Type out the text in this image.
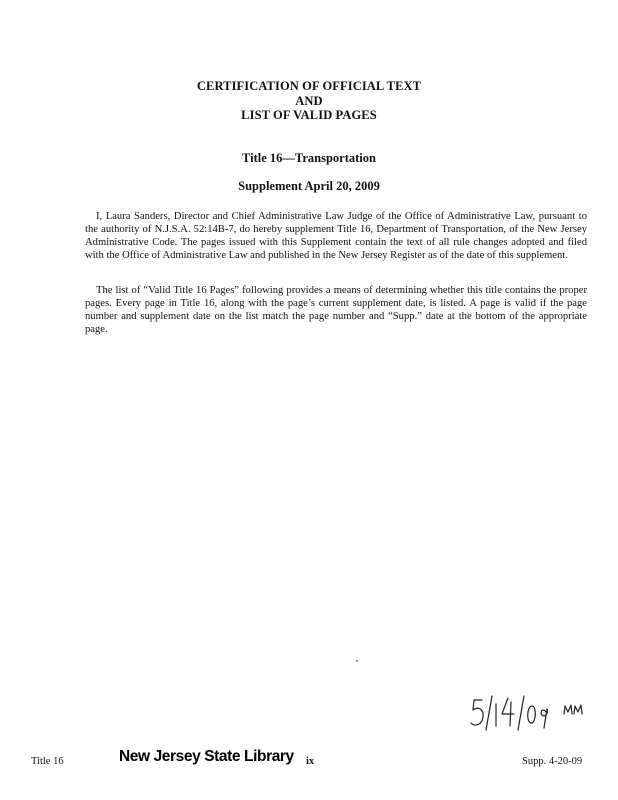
CERTIFICATION OF OFFICIAL TEXT
AND
LIST OF VALID PAGES
Title 16—Transportation
Supplement April 20, 2009

I, Laura Sanders, Director and Chief Administrative Law Judge of the Office of Administrative Law, pursuant to the authority of N.J.S.A. 52:14B-7, do hereby supplement Title 16, Department of Transportation, of the New Jersey Administrative Code. The pages issued with this Supplement contain the text of all rule changes adopted and filed with the Office of Administrative Law and published in the New Jersey Register as of the date of this supplement.

The list of “Valid Title 16 Pages” following provides a means of determining whether this title contains the proper pages. Every page in Title 16, along with the page’s current supplement date, is listed. A page is valid if the page number and supplement date on the list match the page number and “Supp.” date at the bottom of the appropriate page.

Title 16	New Jersey State Library ix	Supp. 4-20-09
